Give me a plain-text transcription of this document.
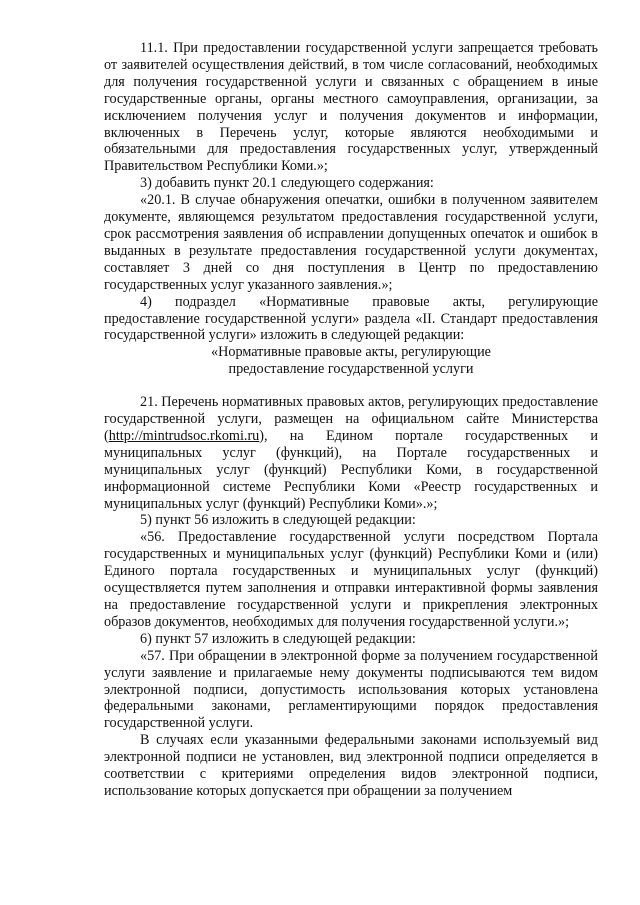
11.1. При предоставлении государственной услуги запрещается требовать от заявителей осуществления действий, в том числе согласований, необходимых для получения государственной услуги и связанных с обращением в иные государственные органы, органы местного самоуправления, организации, за исключением получения услуг и получения документов и информации, включенных в Перечень услуг, которые являются необходимыми и обязательными для предоставления государственных услуг, утвержденный Правительством Республики Коми.»;

3) добавить пункт 20.1 следующего содержания:

«20.1. В случае обнаружения опечатки, ошибки в полученном заявителем документе, являющемся результатом предоставления государственной услуги, срок рассмотрения заявления об исправлении допущенных опечаток и ошибок в выданных в результате предоставления государственной услуги документах, составляет 3 дней со дня поступления в Центр по предоставлению государственных услуг указанного заявления.»;

4) подраздел «Нормативные правовые акты, регулирующие предоставление государственной услуги» раздела «II. Стандарт предоставления государственной услуги» изложить в следующей редакции:

«Нормативные правовые акты, регулирующие

предоставление государственной услуги

21. Перечень нормативных правовых актов, регулирующих предоставление государственной услуги, размещен на официальном сайте Министерства (http://mintrudsoc.rkomi.ru), на Едином портале государственных и муниципальных услуг (функций), на Портале государственных и муниципальных услуг (функций) Республики Коми, в государственной информационной системе Республики Коми «Реестр государственных и муниципальных услуг (функций) Республики Коми».»;

5) пункт 56 изложить в следующей редакции:

«56. Предоставление государственной услуги посредством Портала государственных и муниципальных услуг (функций) Республики Коми и (или) Единого портала государственных и муниципальных услуг (функций) осуществляется путем заполнения и отправки интерактивной формы заявления на предоставление государственной услуги и прикрепления электронных образов документов, необходимых для получения государственной услуги.»;

6) пункт 57 изложить в следующей редакции:

«57. При обращении в электронной форме за получением государственной услуги заявление и прилагаемые нему документы подписываются тем видом электронной подписи, допустимость использования которых установлена федеральными законами, регламентирующими порядок предоставления государственной услуги.

В случаях если указанными федеральными законами используемый вид электронной подписи не установлен, вид электронной подписи определяется в соответствии с критериями определения видов электронной подписи, использование которых допускается при обращении за получением
